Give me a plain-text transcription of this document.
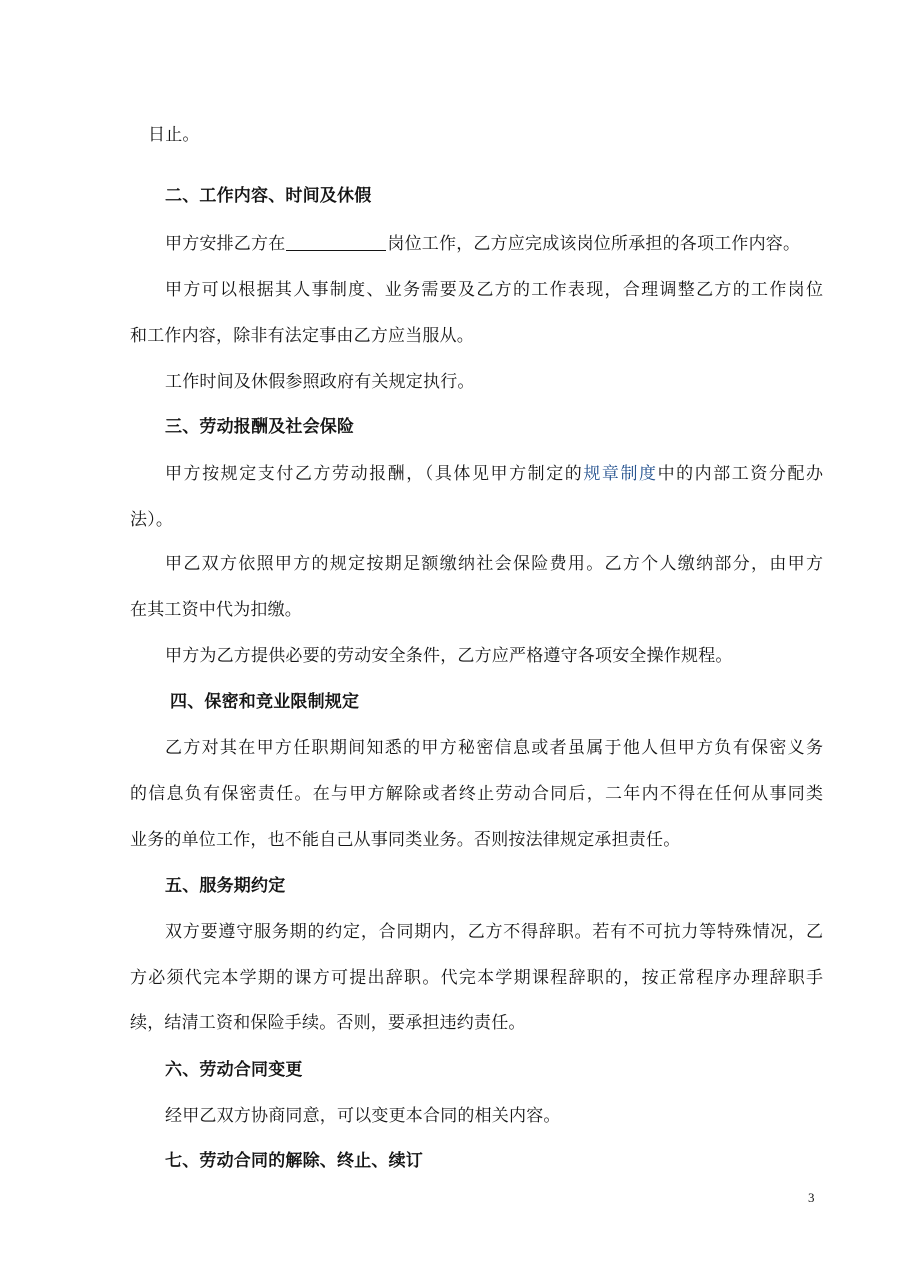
日止。
二、工作内容、时间及休假
甲方安排乙方在	岗位工作，乙方应完成该岗位所承担的各项工作内容。
甲方可以根据其人事制度、业务需要及乙方的工作表现，合理调整乙方的工作岗位
和工作内容，除非有法定事由乙方应当服从。
工作时间及休假参照政府有关规定执行。
三、劳动报酬及社会保险
甲方按规定支付乙方劳动报酬，（具体见甲方制定的规章制度中的内部工资分配办
法）。
甲乙双方依照甲方的规定按期足额缴纳社会保险费用。乙方个人缴纳部分，由甲方
在其工资中代为扣缴。
甲方为乙方提供必要的劳动安全条件，乙方应严格遵守各项安全操作规程。
四、保密和竞业限制规定
乙方对其在甲方任职期间知悉的甲方秘密信息或者虽属于他人但甲方负有保密义务
的信息负有保密责任。在与甲方解除或者终止劳动合同后，二年内不得在任何从事同类
业务的单位工作，也不能自己从事同类业务。否则按法律规定承担责任。
五、服务期约定
双方要遵守服务期的约定，合同期内，乙方不得辞职。若有不可抗力等特殊情况，乙
方必须代完本学期的课方可提出辞职。代完本学期课程辞职的，按正常程序办理辞职手
续，结清工资和保险手续。否则，要承担违约责任。
六、劳动合同变更
经甲乙双方协商同意，可以变更本合同的相关内容。
七、劳动合同的解除、终止、续订
3
